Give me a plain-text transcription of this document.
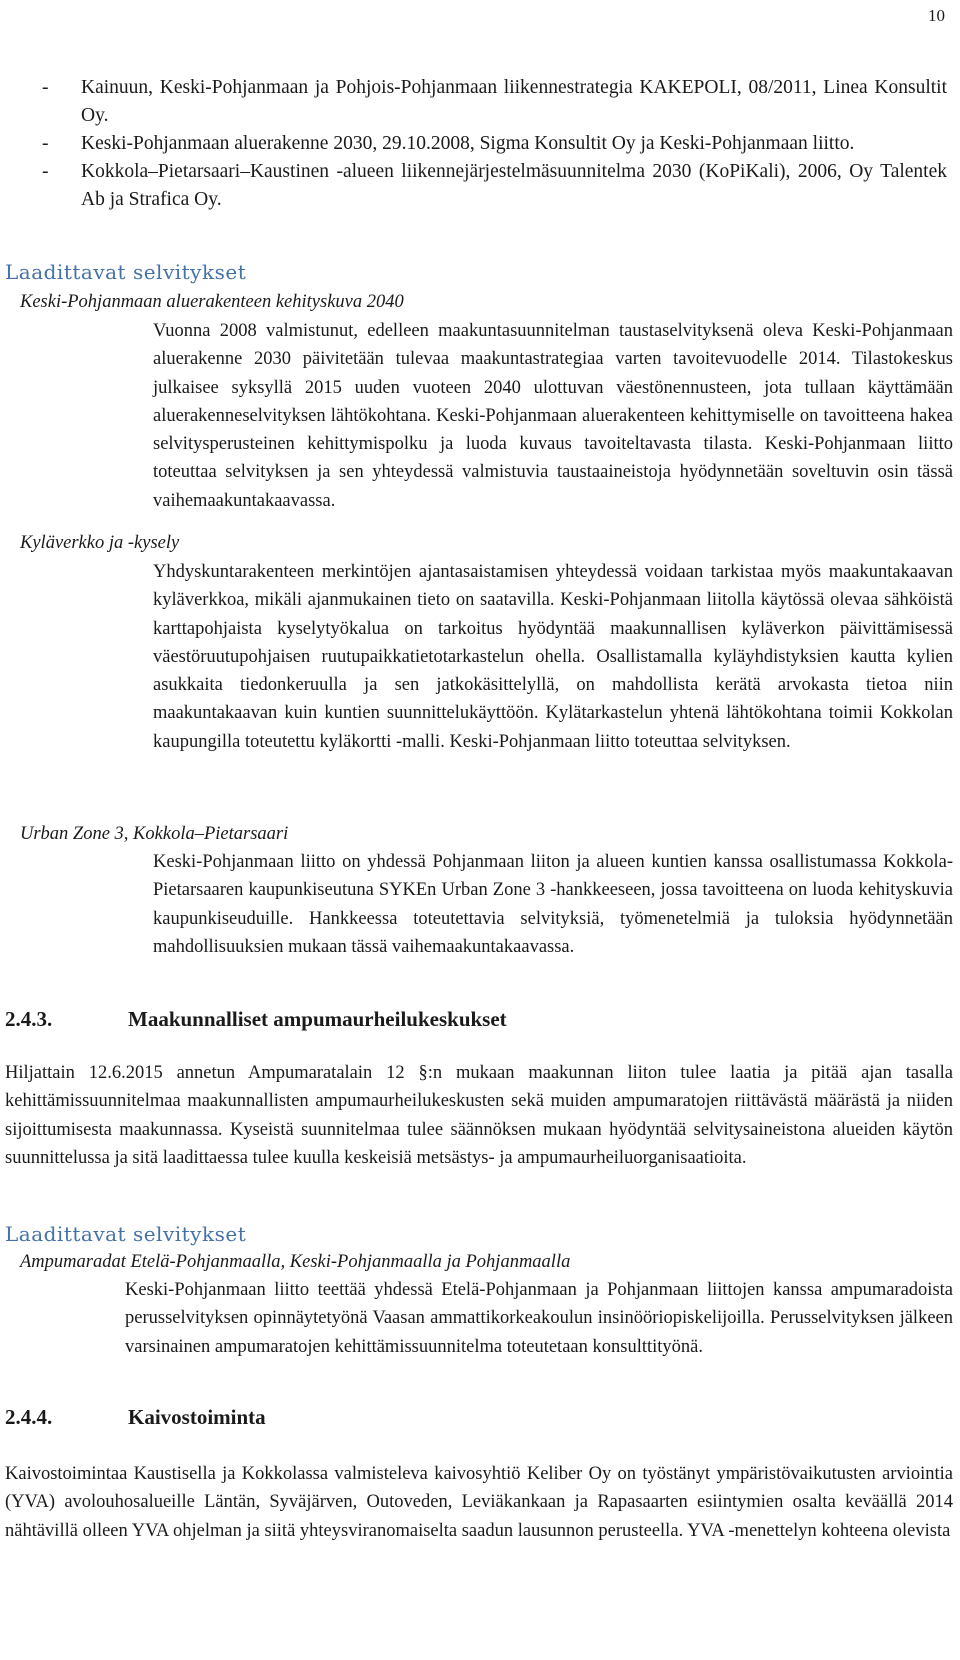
10
-	Kainuun, Keski-Pohjanmaan ja Pohjois-Pohjanmaan liikennestrategia KAKEPOLI, 08/2011, Linea Konsultit Oy.
-	Keski-Pohjanmaan aluerakenne 2030, 29.10.2008, Sigma Konsultit Oy ja Keski-Pohjanmaan liitto.
-	Kokkola–Pietarsaari–Kaustinen -alueen liikennejärjestelmäsuunnitelma 2030 (KoPiKali), 2006, Oy Talentek Ab ja Strafica Oy.
Laadittavat selvitykset
Keski-Pohjanmaan aluerakenteen kehityskuva 2040
Vuonna 2008 valmistunut, edelleen maakuntasuunnitelman taustaselvityksenä oleva Keski-Pohjanmaan aluerakenne 2030 päivitetään tulevaa maakuntastrategiaa varten tavoitevuodelle 2014. Tilastokeskus julkaisee syksyllä 2015 uuden vuoteen 2040 ulottuvan väestönennusteen, jota tullaan käyttämään aluerakenneselvityksen lähtökohtana. Keski-Pohjanmaan aluerakenteen kehittymiselle on tavoitteena hakea selvitysperusteinen kehittymispolku ja luoda kuvaus tavoiteltavasta tilasta. Keski-Pohjanmaan liitto toteuttaa selvityksen ja sen yhteydessä valmistuvia taustaaineistoja hyödynnetään soveltuvin osin tässä vaihemaakuntakaavassa.
Kyläverkko ja -kysely
Yhdyskuntarakenteen merkintöjen ajantasaistamisen yhteydessä voidaan tarkistaa myös maakuntakaavan kyläverkkoa, mikäli ajanmukainen tieto on saatavilla. Keski-Pohjanmaan liitolla käytössä olevaa sähköistä karttapohjaista kyselytyökalua on tarkoitus hyödyntää maakunnallisen kyläverkon päivittämisessä väestöruutupohjaisen ruutupaikkatietotarkastelun ohella. Osallistamalla kyläyhdistyksien kautta kylien asukkaita tiedonkeruulla ja sen jatkokäsittelyllä, on mahdollista kerätä arvokasta tietoa niin maakuntakaavan kuin kuntien suunnittelukäyttöön. Kylätarkastelun yhtenä lähtökohtana toimii Kokkolan kaupungilla toteutettu kyläkortti -malli. Keski-Pohjanmaan liitto toteuttaa selvityksen.
Urban Zone 3, Kokkola–Pietarsaari
Keski-Pohjanmaan liitto on yhdessä Pohjanmaan liiton ja alueen kuntien kanssa osallistumassa Kokkola-Pietarsaaren kaupunkiseutuna SYKEn Urban Zone 3 -hankkeeseen, jossa tavoitteena on luoda kehityskuvia kaupunkiseuduille. Hankkeessa toteutettavia selvityksiä, työmenetelmiä ja tuloksia hyödynnetään mahdollisuuksien mukaan tässä vaihemaakuntakaavassa.
2.4.3.	Maakunnalliset ampumaurheilukeskukset
Hiljattain 12.6.2015 annetun Ampumaratalain 12 §:n mukaan maakunnan liiton tulee laatia ja pitää ajan tasalla kehittämissuunnitelmaa maakunnallisten ampumaurheilukeskusten sekä muiden ampumaratojen riittävästä määrästä ja niiden sijoittumisesta maakunnassa. Kyseistä suunnitelmaa tulee säännöksen mukaan hyödyntää selvitysaineistona alueiden käytön suunnittelussa ja sitä laadittaessa tulee kuulla keskeisiä metsästys- ja ampumaurheiluorganisaatioita.
Laadittavat selvitykset
Ampumaradat Etelä-Pohjanmaalla, Keski-Pohjanmaalla ja Pohjanmaalla
Keski-Pohjanmaan liitto teettää yhdessä Etelä-Pohjanmaan ja Pohjanmaan liittojen kanssa ampumaradoista perusselvityksen opinnäytetyönä Vaasan ammattikorkeakoulun insinööriopiskelijoilla. Perusselvityksen jälkeen varsinainen ampumaratojen kehittämissuunnitelma toteutetaan konsulttityönä.
2.4.4.	Kaivostoiminta
Kaivostoimintaa Kaustisella ja Kokkolassa valmisteleva kaivosyhtiö Keliber Oy on työstänyt ympäristövaikutusten arviointia (YVA) avolouhosalueille Läntän, Syväjärven, Outoveden, Leviäkankaan ja Rapasaarten esiintymien osalta keväällä 2014 nähtävillä olleen YVA ohjelman ja siitä yhteysviranomaiselta saadun lausunnon perusteella. YVA -menettelyn kohteena olevista
